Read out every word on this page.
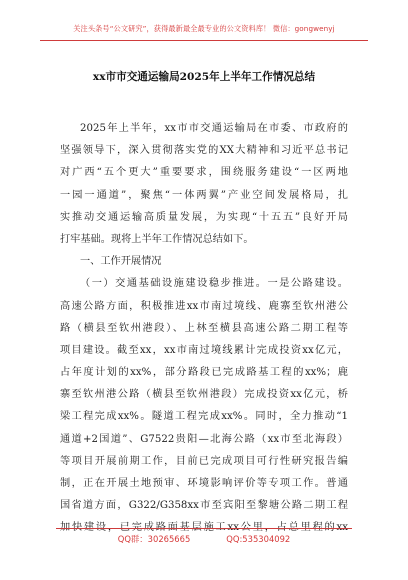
关注头条号“公文研究”，获得最新最全最专业的公文资料库！ 微信：gongwenyj
xx市市交通运输局2025年上半年工作情况总结
2025年上半年，xx市市交通运输局在市委、市政府的
坚强领导下，深入贯彻落实党的XX大精神和习近平总书记
对广西“五个更大”重要要求，围绕服务建设“一区两地
一园一通道”，聚焦“一体两翼”产业空间发展格局，扎
实推动交通运输高质量发展，为实现“十五五”良好开局
打牢基础。现将上半年工作情况总结如下。
一、工作开展情况
（一）交通基础设施建设稳步推进。一是公路建设。
高速公路方面，积极推进xx市南过境线、鹿寨至钦州港公
路（横县至钦州港段）、上林至横县高速公路二期工程等
项目建设。截至xx，xx市南过境线累计完成投资xx亿元，
占年度计划的xx%，部分路段已完成路基工程的xx%；鹿
寨至钦州港公路（横县至钦州港段）完成投资xx亿元，桥
梁工程完成xx%。隧道工程完成xx%。同时，全力推动“1
通道+2国道”、G7522贵阳—北海公路（xx市至北海段）
等项目开展前期工作，目前已完成项目可行性研究报告编
制，正在开展土地预审、环境影响评价等专项工作。普通
国省道方面，G322/G358xx市至宾阳至黎塘公路二期工程
加快建设，已完成路面基层施工xx公里，占总里程的xx
QQ群：30265665	QQ:535304092
